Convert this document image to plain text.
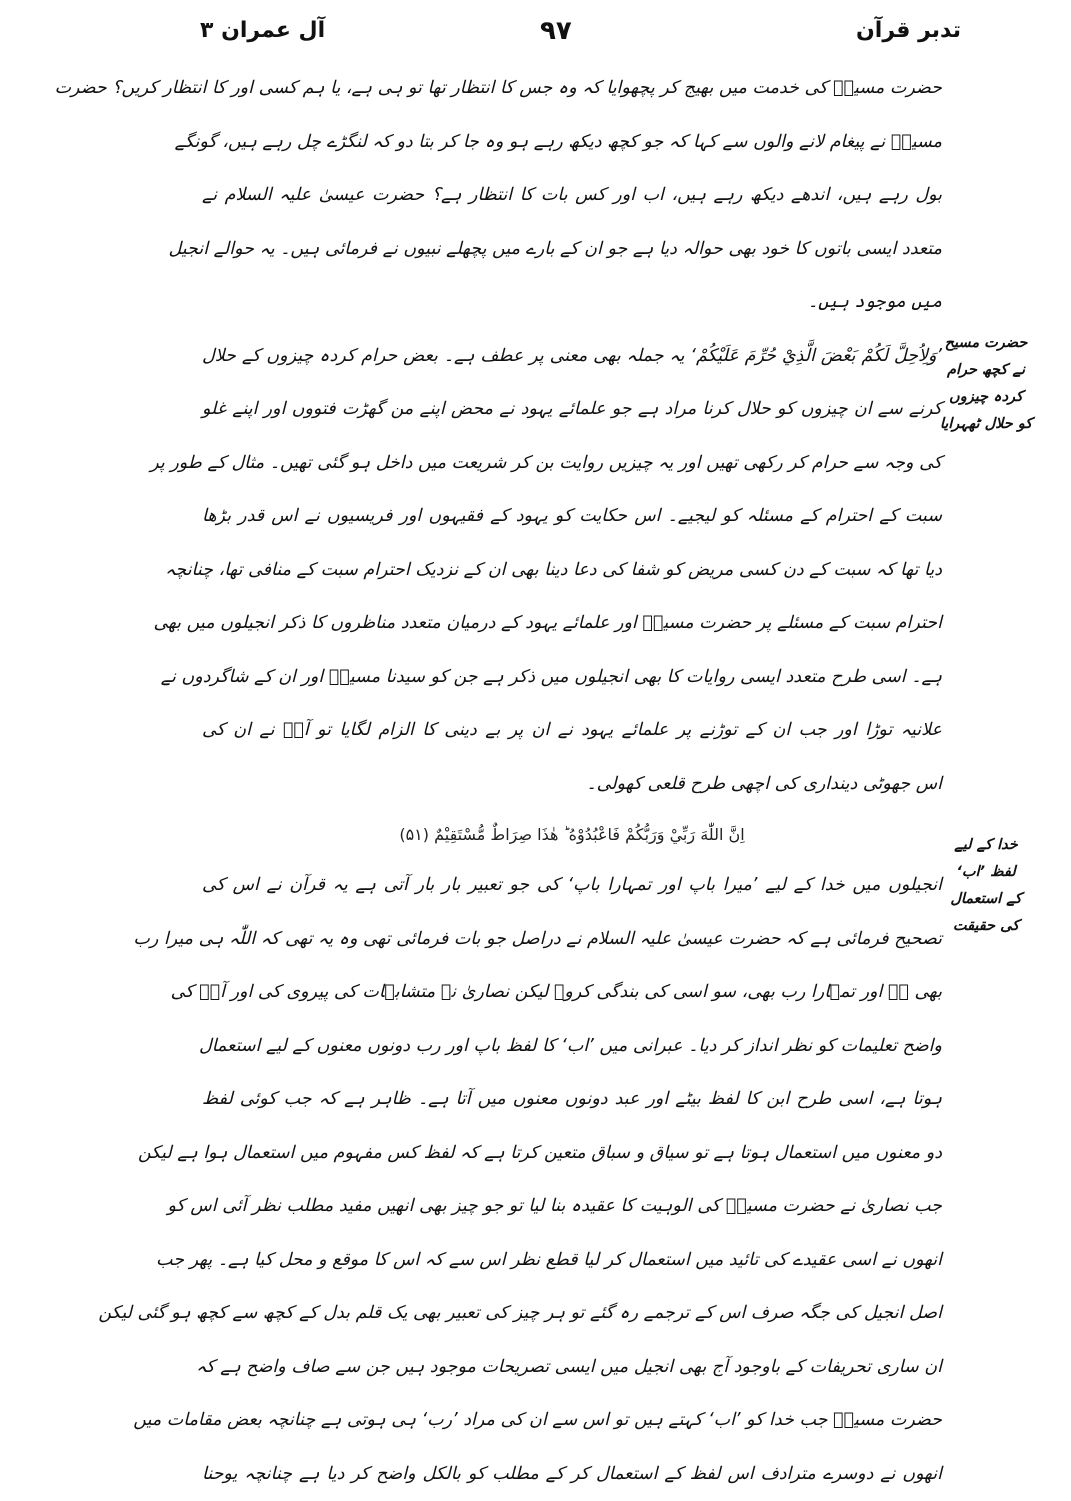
تدبر قرآن
۹۷
آل عمران ۳
حضرت مسیحؑ کی خدمت میں بھیج کر پچھوایا کہ وہ جس کا انتظار تھا تو ہی ہے، یا ہم کسی اور کا انتظار کریں؟ حضرت
مسیحؑ نے پیغام لانے والوں سے کہا کہ جو کچھ دیکھ رہے ہو وہ جا کر بتا دو کہ لنگڑے چل رہے ہیں، گونگے
بول رہے ہیں، اندھے دیکھ رہے ہیں، اب اور کس بات کا انتظار ہے؟ حضرت عیسیٰ علیہ السلام نے
متعدد ایسی باتوں کا خود بھی حوالہ دیا ہے جو ان کے بارے میں پچھلے نبیوں نے فرمائی ہیں۔ یہ حوالے انجیل
میں موجود ہیں۔
’وَلِاُحِلَّ لَكُمْ بَعْضَ الَّذِيْ حُرِّمَ عَلَيْكُمْ‘ یہ جملہ بھی معنی پر عطف ہے۔ بعض حرام کردہ چیزوں کے حلال
کرنے سے ان چیزوں کو حلال کرنا مراد ہے جو علمائے یہود نے محض اپنے من گھڑت فتووں اور اپنے غلو
کی وجہ سے حرام کر رکھی تھیں اور یہ چیزیں روایت بن کر شریعت میں داخل ہو گئی تھیں۔ مثال کے طور پر
سبت کے احترام کے مسئلہ کو لیجیے۔ اس حکایت کو یہود کے فقیہوں اور فریسیوں نے اس قدر بڑھا
دیا تھا کہ سبت کے دن کسی مریض کو شفا کی دعا دینا بھی ان کے نزدیک احترام سبت کے منافی تھا، چنانچہ
احترام سبت کے مسئلے پر حضرت مسیحؑ اور علمائے یہود کے درمیان متعدد مناظروں کا ذکر انجیلوں میں بھی
ہے۔ اسی طرح متعدد ایسی روایات کا بھی انجیلوں میں ذکر ہے جن کو سیدنا مسیحؑ اور ان کے شاگردوں نے
علانیہ توڑا اور جب ان کے توڑنے پر علمائے یہود نے ان پر بے دینی کا الزام لگایا تو آپؑ نے ان کی
اس جھوٹی دینداری کی اچھی طرح قلعی کھولی۔
اِنَّ اللّٰهَ رَبِّيْ وَرَبُّكُمْ فَاعْبُدُوْهُ ؕ هٰذَا صِرَاطٌ مُّسْتَقِيْمٌ (۵۱)
انجیلوں میں خدا کے لیے ’میرا باپ اور تمہارا باپ‘ کی جو تعبیر بار بار آتی ہے یہ قرآن نے اس کی
تصحیح فرمائی ہے کہ حضرت عیسیٰ علیہ السلام نے دراصل جو بات فرمائی تھی وہ یہ تھی کہ اللّٰہ ہی میرا رب
بھی ہے اور تمہارا رب بھی، سو اسی کی بندگی کرو۔ لیکن نصاریٰ نے متشابہات کی پیروی کی اور آپؑ کی
واضح تعلیمات کو نظر انداز کر دیا۔ عبرانی میں ’اب‘ کا لفظ باپ اور رب دونوں معنوں کے لیے استعمال
ہوتا ہے، اسی طرح ابن کا لفظ بیٹے اور عبد دونوں معنوں میں آتا ہے۔ ظاہر ہے کہ جب کوئی لفظ
دو معنوں میں استعمال ہوتا ہے تو سیاق و سباق متعین کرتا ہے کہ لفظ کس مفہوم میں استعمال ہوا ہے لیکن
جب نصاریٰ نے حضرت مسیحؑ کی الوہیت کا عقیدہ بنا لیا تو جو چیز بھی انھیں مفید مطلب نظر آئی اس کو
انھوں نے اسی عقیدے کی تائید میں استعمال کر لیا قطع نظر اس سے کہ اس کا موقع و محل کیا ہے۔ پھر جب
اصل انجیل کی جگہ صرف اس کے ترجمے رہ گئے تو ہر چیز کی تعبیر بھی یک قلم بدل کے کچھ سے کچھ ہو گئی لیکن
ان ساری تحریفات کے باوجود آج بھی انجیل میں ایسی تصریحات موجود ہیں جن سے صاف واضح ہے کہ
حضرت مسیحؑ جب خدا کو ’اب‘ کہتے ہیں تو اس سے ان کی مراد ’رب‘ ہی ہوتی ہے چنانچہ بعض مقامات میں
انھوں نے دوسرے مترادف اس لفظ کے استعمال کر کے مطلب کو بالکل واضح کر دیا ہے چنانچہ یوحنا
حضرت مسیح
نے کچھ حرام
کردہ چیزوں
کو حلال ٹھہرایا
خدا کے لیے
لفظ ’اب‘
کے استعمال
کی حقیقت
